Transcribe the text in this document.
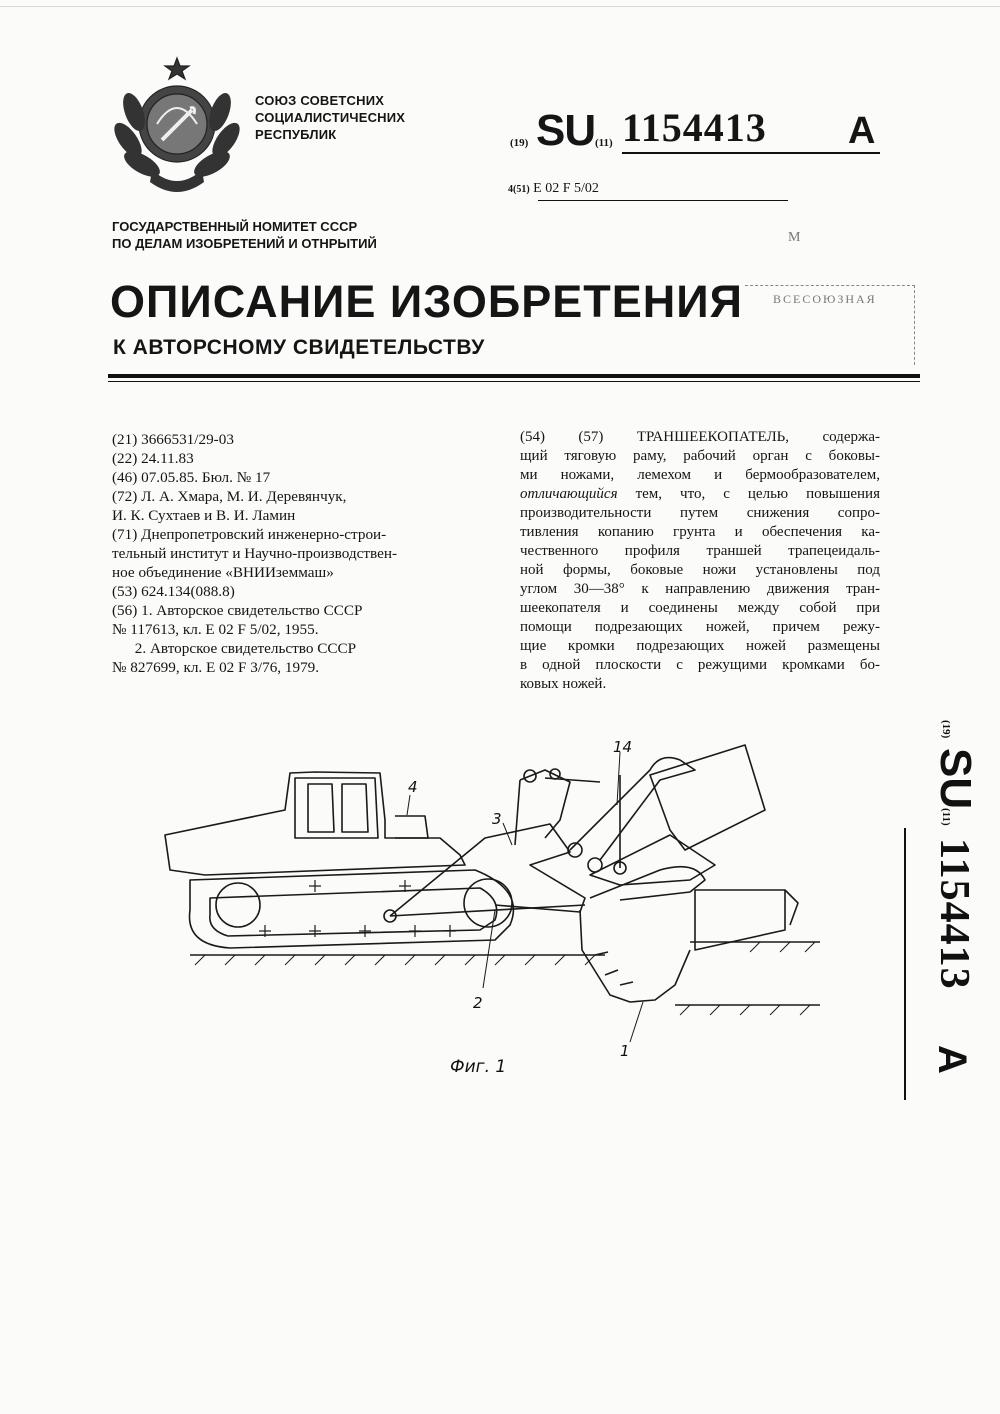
СОЮЗ СОВЕТСНИХ
СОЦИАЛИСТИЧЕСНИХ
РЕСПУБЛИК
(19) SU (11) 1154413 A
4(51) E 02 F 5/02
ГОСУДАРСТВЕННЫЙ НОМИТЕТ СССР
ПО ДЕЛАМ ИЗОБРЕТЕНИЙ И ОТНРЫТИЙ	М
ВСЕСОЮЗНАЯ
ОПИСАНИЕ ИЗОБРЕТЕНИЯ
К АВТОРСНОМУ СВИДЕТЕЛЬСТВУ
(21) 3666531/29-03
(22) 24.11.83
(46) 07.05.85. Бюл. № 17
(72) Л. А. Хмара, М. И. Деревянчук,
И. К. Сухтаев и В. И. Ламин
(71) Днепропетровский инженерно-строи-
тельный институт и Научно-производствен-
ное объединение «ВНИИземмаш»
(53) 624.134(088.8)
(56) 1. Авторское свидетельство СССР
№ 117613, кл. E 02 F 5/02, 1955.
2. Авторское свидетельство СССР
№ 827699, кл. E 02 F 3/76, 1979.
(54) (57) ТРАНШЕЕКОПАТЕЛЬ, содержа-
щий тяговую раму, рабочий орган с боковы-
ми ножами, лемехом и бермообразователем,
отличающийся тем, что, с целью повышения
производительности путем снижения сопро-
тивления копанию грунта и обеспечения ка-
чественного профиля траншей трапецеидаль-
ной формы, боковые ножи установлены под
углом 30—38° к направлению движения тран-
шеекопателя и соединены между собой при
помощи подрезающих ножей, причем режу-
щие кромки подрезающих ножей размещены
в одной плоскости с режущими кромками бо-
ковых ножей.
14
4
3
2
1
Фиг. 1
(19)
SU
(11)
1154413
A
